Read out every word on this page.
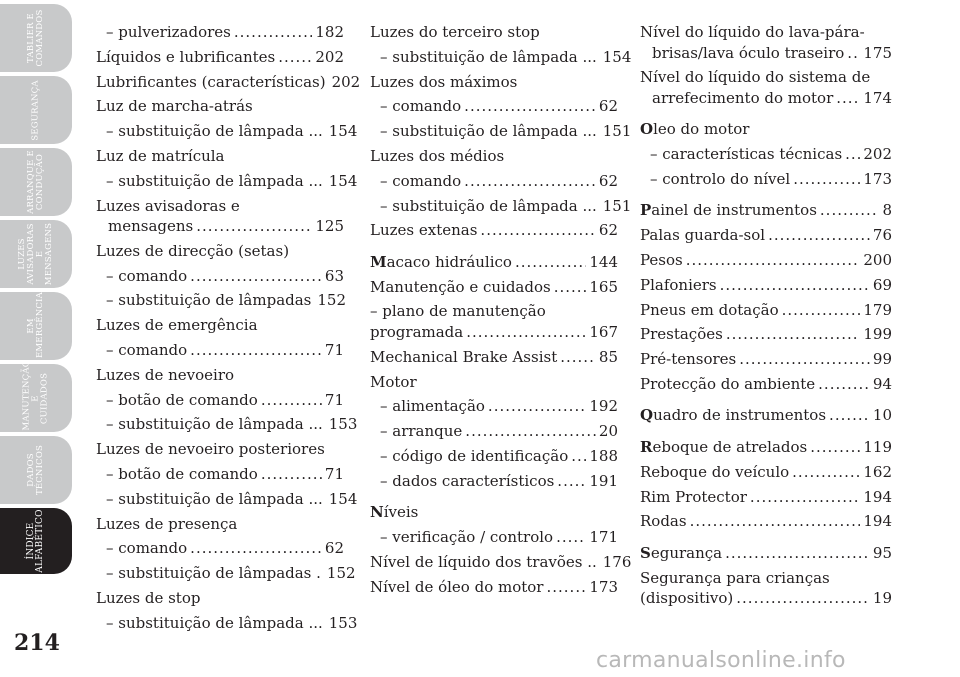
TABLIER E
COMANDOS
SEGURANÇA
ARRANQUE E
CONDUÇÃO
LUZES
AVISADORAS
E MENSAGENS
EM
EMERGÊNCIA
MANUTENÇÃO E
CUIDADOS
DADOS
TÉCNICOS
ÍNDICE
ALFABÉTICO
214
– pulverizadores .....	182
Líquidos e lubrificantes .....	202
Lubrificantes (características) 202
Luz de marcha-atrás
– substituição de lâmpada ... 154
Luz de matrícula
– substituição de lâmpada ... 154
Luzes avisadoras e
mensagens .....	125
Luzes de direcção (setas)
– comando .....	63
– substituição de lâmpadas 152
Luzes de emergência
– comando .....	71
Luzes de nevoeiro
– botão de comando .....	71
– substituição de lâmpada ... 153
Luzes de nevoeiro posteriores
– botão de comando .....	71
– substituição de lâmpada ... 154
Luzes de presença
– comando .....	62
– substituição de lâmpadas . 152
Luzes de stop
– substituição de lâmpada ... 153
Luzes do terceiro stop
– substituição de lâmpada ... 154
Luzes dos máximos
– comando .....	62
– substituição de lâmpada ... 151
Luzes dos médios
– comando .....	62
– substituição de lâmpada ... 151
Luzes extenas .....	62
M acaco hidráulico .....	144
Manutenção e cuidados .....	165
– plano de manutenção
programada .....	167
Mechanical Brake Assist .....	85
Motor
– alimentação .....	192
– arranque .....	20
– código de identificação ..... 188
– dados característicos ..... 191
Níveis
– verificação / controlo ..... 171
Nível de líquido dos travões .. 176
Nível de óleo do motor .....	173
Nível do líquido do lava-pára-
brisas/lava óculo traseiro ..... 175
Nível do líquido do sistema de
arrefecimento do motor ..... 174
Oleo do motor
– características técnicas ..... 202
– controlo do nível .....	173
P ainel de instrumentos .....	8
Palas guarda-sol .....	76
Pesos .....	200
Plafoniers .....	69
Pneus em dotação .....	179
Prestações .....	199
Pré-tensores .....	99
Protecção do ambiente .....	94
Q uadro de instrumentos .....	10
R eboque de atrelados .....	119
Reboque do veículo .....	162
Rim Protector .....	194
Rodas .....	194
S egurança .....	95
Segurança para crianças
(dispositivo) .....	19
carmanualsonline.info
